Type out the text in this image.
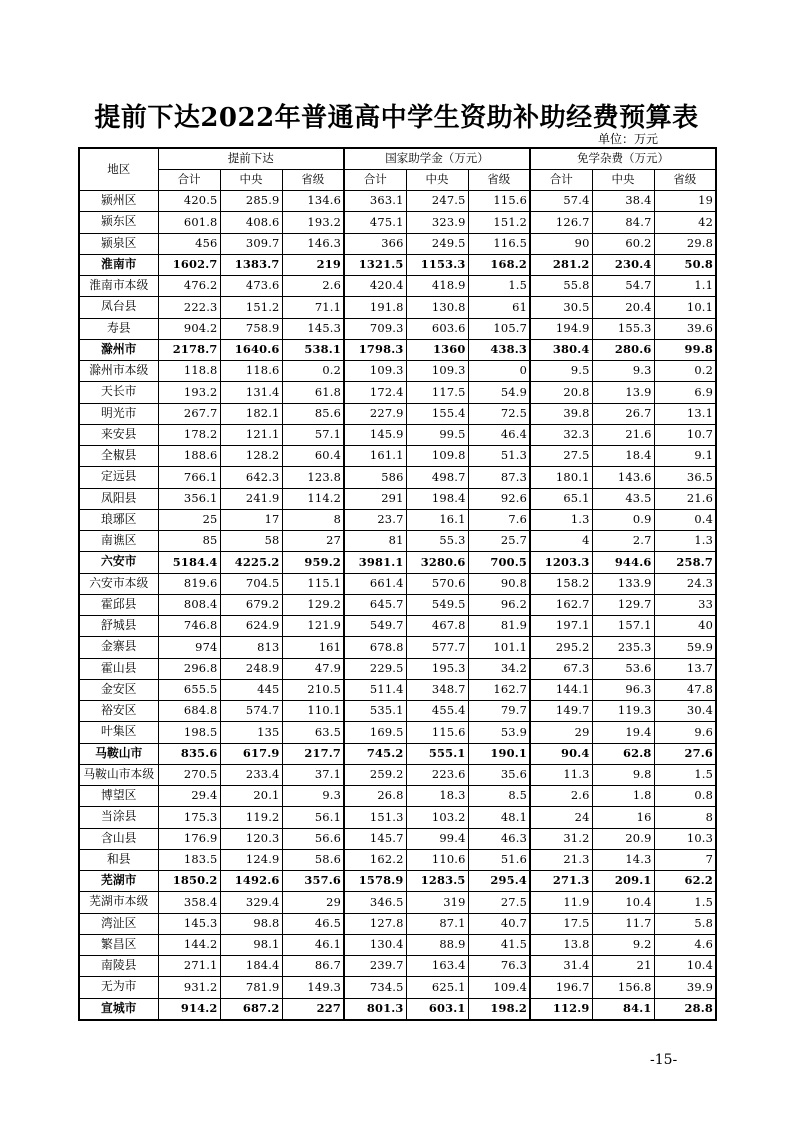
提前下达2022年普通高中学生资助补助经费预算表
单位：万元
地区	提前下达			国家助学金（万元）			免学杂费（万元）		
	合计	中央	省级	合计	中央	省级	合计	中央	省级
颍州区	420.5	285.9	134.6	363.1	247.5	115.6	57.4	38.4	19
颍东区	601.8	408.6	193.2	475.1	323.9	151.2	126.7	84.7	42
颍泉区	456	309.7	146.3	366	249.5	116.5	90	60.2	29.8
淮南市	1602.7	1383.7	219	1321.5	1153.3	168.2	281.2	230.4	50.8
淮南市本级	476.2	473.6	2.6	420.4	418.9	1.5	55.8	54.7	1.1
凤台县	222.3	151.2	71.1	191.8	130.8	61	30.5	20.4	10.1
寿县	904.2	758.9	145.3	709.3	603.6	105.7	194.9	155.3	39.6
滁州市	2178.7	1640.6	538.1	1798.3	1360	438.3	380.4	280.6	99.8
滁州市本级	118.8	118.6	0.2	109.3	109.3	0	9.5	9.3	0.2
天长市	193.2	131.4	61.8	172.4	117.5	54.9	20.8	13.9	6.9
明光市	267.7	182.1	85.6	227.9	155.4	72.5	39.8	26.7	13.1
来安县	178.2	121.1	57.1	145.9	99.5	46.4	32.3	21.6	10.7
全椒县	188.6	128.2	60.4	161.1	109.8	51.3	27.5	18.4	9.1
定远县	766.1	642.3	123.8	586	498.7	87.3	180.1	143.6	36.5
凤阳县	356.1	241.9	114.2	291	198.4	92.6	65.1	43.5	21.6
琅琊区	25	17	8	23.7	16.1	7.6	1.3	0.9	0.4
南谯区	85	58	27	81	55.3	25.7	4	2.7	1.3
六安市	5184.4	4225.2	959.2	3981.1	3280.6	700.5	1203.3	944.6	258.7
六安市本级	819.6	704.5	115.1	661.4	570.6	90.8	158.2	133.9	24.3
霍邱县	808.4	679.2	129.2	645.7	549.5	96.2	162.7	129.7	33
舒城县	746.8	624.9	121.9	549.7	467.8	81.9	197.1	157.1	40
金寨县	974	813	161	678.8	577.7	101.1	295.2	235.3	59.9
霍山县	296.8	248.9	47.9	229.5	195.3	34.2	67.3	53.6	13.7
金安区	655.5	445	210.5	511.4	348.7	162.7	144.1	96.3	47.8
裕安区	684.8	574.7	110.1	535.1	455.4	79.7	149.7	119.3	30.4
叶集区	198.5	135	63.5	169.5	115.6	53.9	29	19.4	9.6
马鞍山市	835.6	617.9	217.7	745.2	555.1	190.1	90.4	62.8	27.6
马鞍山市本级	270.5	233.4	37.1	259.2	223.6	35.6	11.3	9.8	1.5
博望区	29.4	20.1	9.3	26.8	18.3	8.5	2.6	1.8	0.8
当涂县	175.3	119.2	56.1	151.3	103.2	48.1	24	16	8
含山县	176.9	120.3	56.6	145.7	99.4	46.3	31.2	20.9	10.3
和县	183.5	124.9	58.6	162.2	110.6	51.6	21.3	14.3	7
芜湖市	1850.2	1492.6	357.6	1578.9	1283.5	295.4	271.3	209.1	62.2
芜湖市本级	358.4	329.4	29	346.5	319	27.5	11.9	10.4	1.5
湾沚区	145.3	98.8	46.5	127.8	87.1	40.7	17.5	11.7	5.8
繁昌区	144.2	98.1	46.1	130.4	88.9	41.5	13.8	9.2	4.6
南陵县	271.1	184.4	86.7	239.7	163.4	76.3	31.4	21	10.4
无为市	931.2	781.9	149.3	734.5	625.1	109.4	196.7	156.8	39.9
宣城市	914.2	687.2	227	801.3	603.1	198.2	112.9	84.1	28.8
-15-
